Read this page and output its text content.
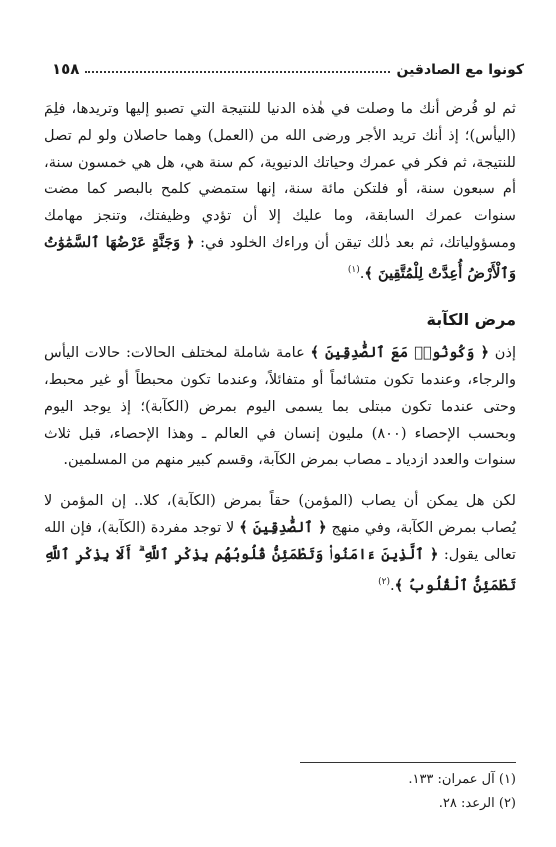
١٥٨	كونوا مع الصادقين

ثم لو فُرض أنك ما وصلت في هٰذه الدنيا للنتيجة التي تصبو إليها وتريدها، فلِمَ (اليأس)؛ إذ أنك تريد الأجر ورضى الله من (العمل) وهما حاصلان ولو لم تصل للنتيجة، ثم فكر في عمرك وحياتك الدنيوية، كم سنة هي، هل هي خمسون سنة، أم سبعون سنة، أو فلتكن مائة سنة، إنها ستمضي كلمح بالبصر كما مضت سنوات عمرك السابقة، وما عليك إلا أن تؤدي وظيفتك، وتنجز مهامك ومسؤولياتك، ثم بعد ذٰلك تيقن أن وراءك الخلود في: ﴿ وَجَنَّةٍ عَرْضُهَا ٱلسَّمَٰوَٰتُ وَٱلْأَرْضُ أُعِدَّتْ لِلْمُتَّقِينَ ﴾.$^{(١)}$

مرض الكآبة

إذن ﴿ وَكُونُوا۟ مَعَ ٱلصَّٰدِقِينَ ﴾ عامة شاملة لمختلف الحالات: حالات اليأس والرجاء، وعندما تكون متشائماً أو متفائلاً، وعندما تكون محبطاً أو غير محبط، وحتى عندما تكون مبتلى بما يسمى اليوم بمرض (الكآبة)؛ إذ يوجد اليوم وبحسب الإحصاء (٨٠٠) مليون إنسان في العالم ـ وهذا الإحصاء، قبل ثلاث سنوات والعدد ازدياد ـ مصاب بمرض الكآبة، وقسم كبير منهم من المسلمين.

لكن هل يمكن أن يصاب (المؤمن) حقاً بمرض (الكآبة)، كلا.. إن المؤمن لا يُصاب بمرض الكآبة، وفي منهج ﴿ ٱلصَّٰدِقِينَ ﴾ لا توجد مفردة (الكآبة)، فإن الله تعالى يقول: ﴿ ٱلَّذِينَ ءَامَنُوا۟ وَتَطْمَئِنُّ قُلُوبُهُم بِذِكْرِ ٱللَّهِ ۗ أَلَا بِذِكْرِ ٱللَّهِ تَطْمَئِنُّ ٱلْقُلُوبُ ﴾.$^{(٢)}$

(١) آل عمران: ١٣٣.
(٢) الرعد: ٢٨.
